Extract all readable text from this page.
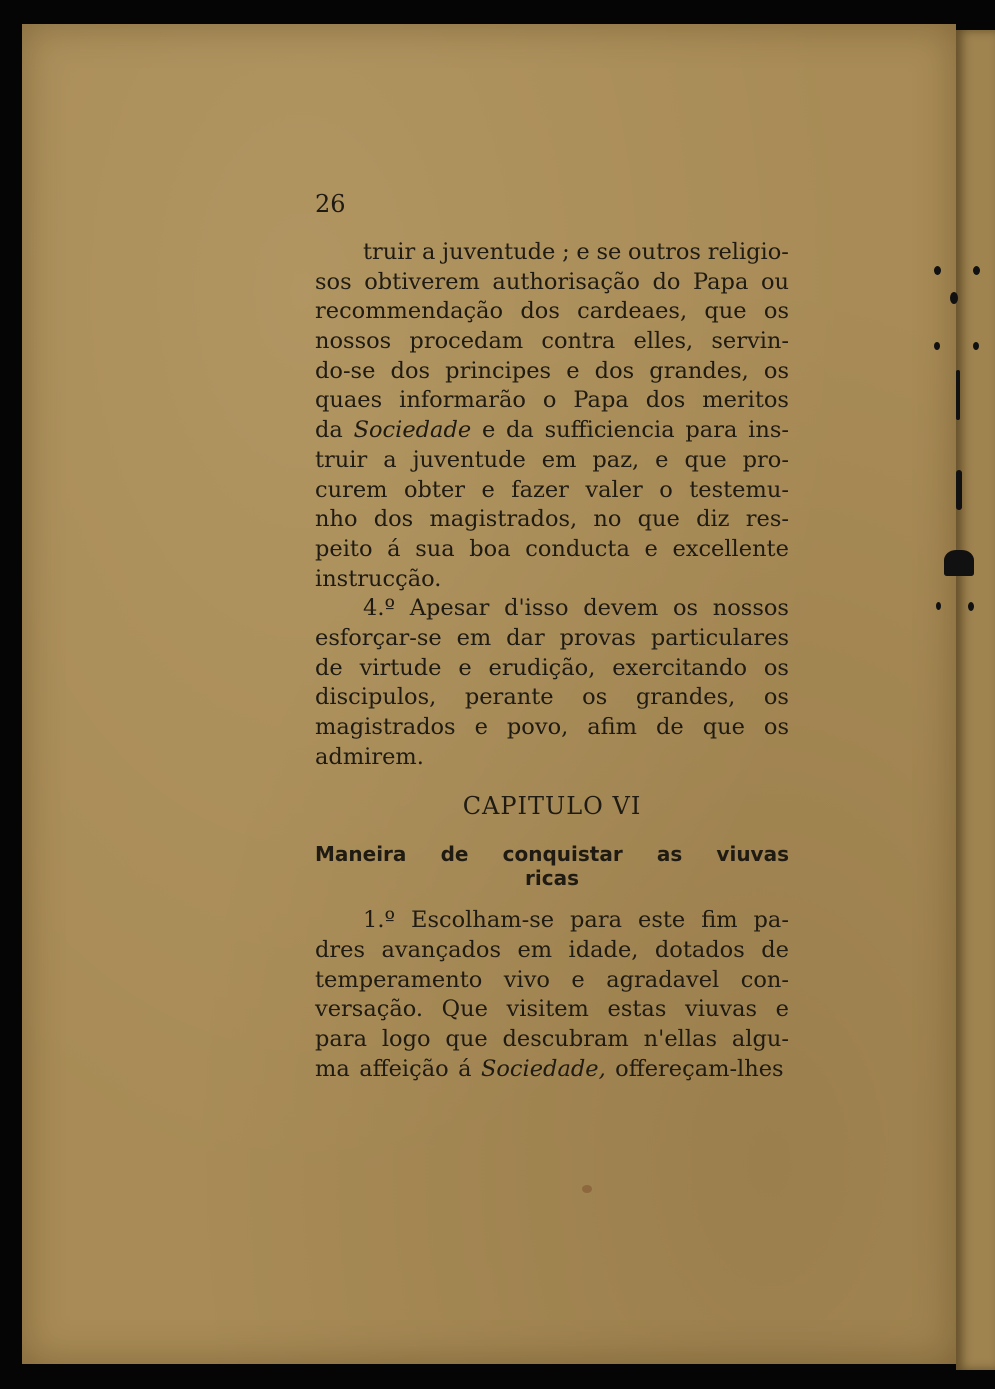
26
truir a juventude ; e se outros religio-
sos obtiverem authorisação do Papa ou
recommendação dos cardeaes, que os
nossos procedam contra elles, servin-
do-se dos principes e dos grandes, os
quaes informarão o Papa dos meritos
da Sociedade e da sufficiencia para ins-
truir a juventude em paz, e que pro-
curem obter e fazer valer o testemu-
nho dos magistrados, no que diz res-
peito á sua boa conducta e excellente
instrucção.
4.º Apesar d'isso devem os nossos
esforçar-se em dar provas particulares
de virtude e erudição, exercitando os
discipulos, perante os grandes, os
magistrados e povo, afim de que os
admirem.
CAPITULO VI
Maneira de conquistar as viuvas
ricas
1.º Escolham-se para este fim pa-
dres avançados em idade, dotados de
temperamento vivo e agradavel con-
versação. Que visitem estas viuvas e
para logo que descubram n'ellas algu-
ma affeição á Sociedade, offereçam-lhes
